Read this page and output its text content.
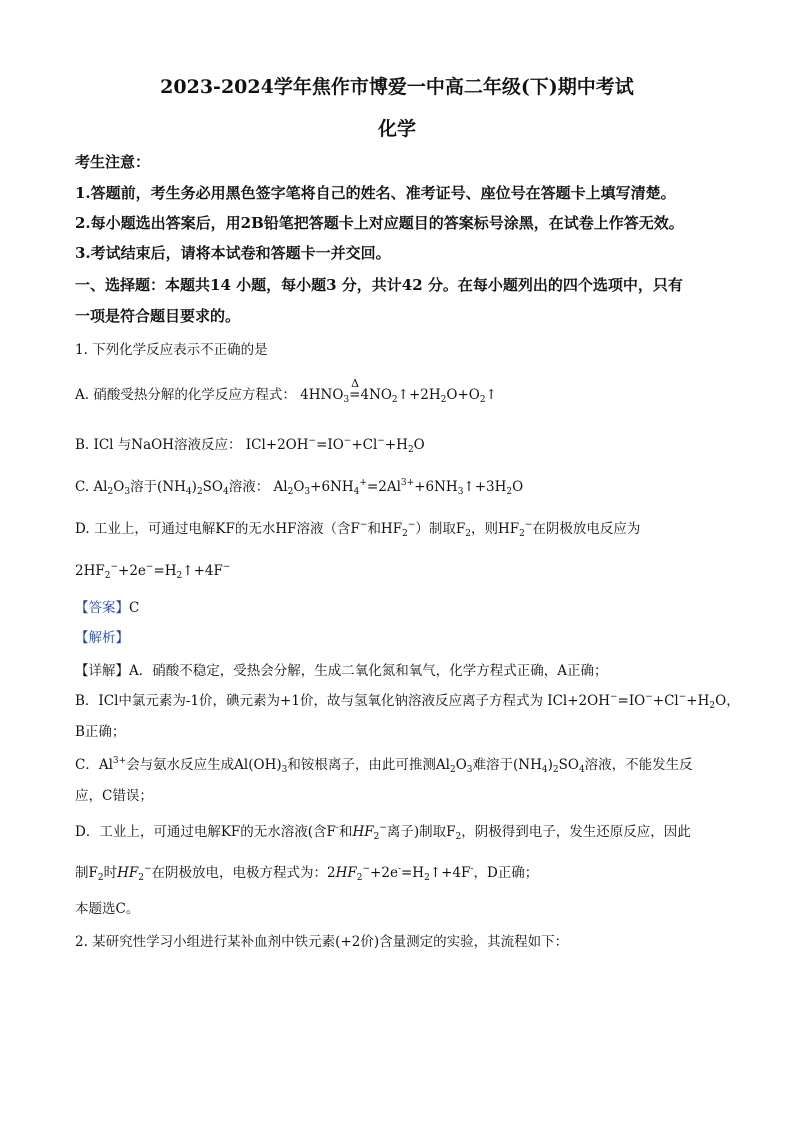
2023-2024学年焦作市博爱一中高二年级(下)期中考试
化学
考生注意：
1.答题前，考生务必用黑色签字笔将自己的姓名、准考证号、座位号在答题卡上填写清楚。
2.每小题选出答案后，用2B铅笔把答题卡上对应题目的答案标号涂黑，在试卷上作答无效。
3.考试结束后，请将本试卷和答题卡一并交回。
一、选择题：本题共14 小题，每小题3 分，共计42 分。在每小题列出的四个选项中，只有
一项是符合题目要求的。
1. 下列化学反应表示不正确的是
A. 硝酸受热分解的化学反应方程式： $4HNO_3$
Δ
$=4NO_2↑+2H_2O+O_2↑$
B. ICl 与NaOH溶液反应： $ICl+2OH^-=IO^-+Cl^-+H_2O$
C. $Al_2O_3$溶于$(NH_4)_2SO_4$溶液： $Al_2O_3+6NH_4^+=2Al^{3+}+6NH_3↑+3H_2O$
D. 工业上，可通过电解KF的无水HF溶液（含F−和$HF_2^-$）制取$F_2$，则$HF_2^-$在阴极放电反应为
$2HF_2^-+2e^-=H_2↑+4F^-$
【答案】C
【解析】
【详解】A．硝酸不稳定，受热会分解，生成二氧化氮和氧气，化学方程式正确，A正确；
B．ICl中氯元素为-1价，碘元素为+1价，故与氢氧化钠溶液反应离子方程式为 $ICl+2OH^-=IO^-+Cl^-+H_2O$，
B正确；
C．$Al^{3+}$会与氨水反应生成$Al(OH)_3$和铵根离子，由此可推测$Al_2O_3$难溶于$(NH_4)_2SO_4$溶液，不能发生反
应，C错误；
D．工业上，可通过电解KF的无水溶液(含F-和$HF_2^-$离子)制取$F_2$，阴极得到电子，发生还原反应，因此
制$F_2$时$HF_2^-$在阴极放电，电极方程式为：$2HF_2^-+2e^-=H_2↑+4F^-$，D正确；
本题选C。
2. 某研究性学习小组进行某补血剂中铁元素(+2价)含量测定的实验，其流程如下：
